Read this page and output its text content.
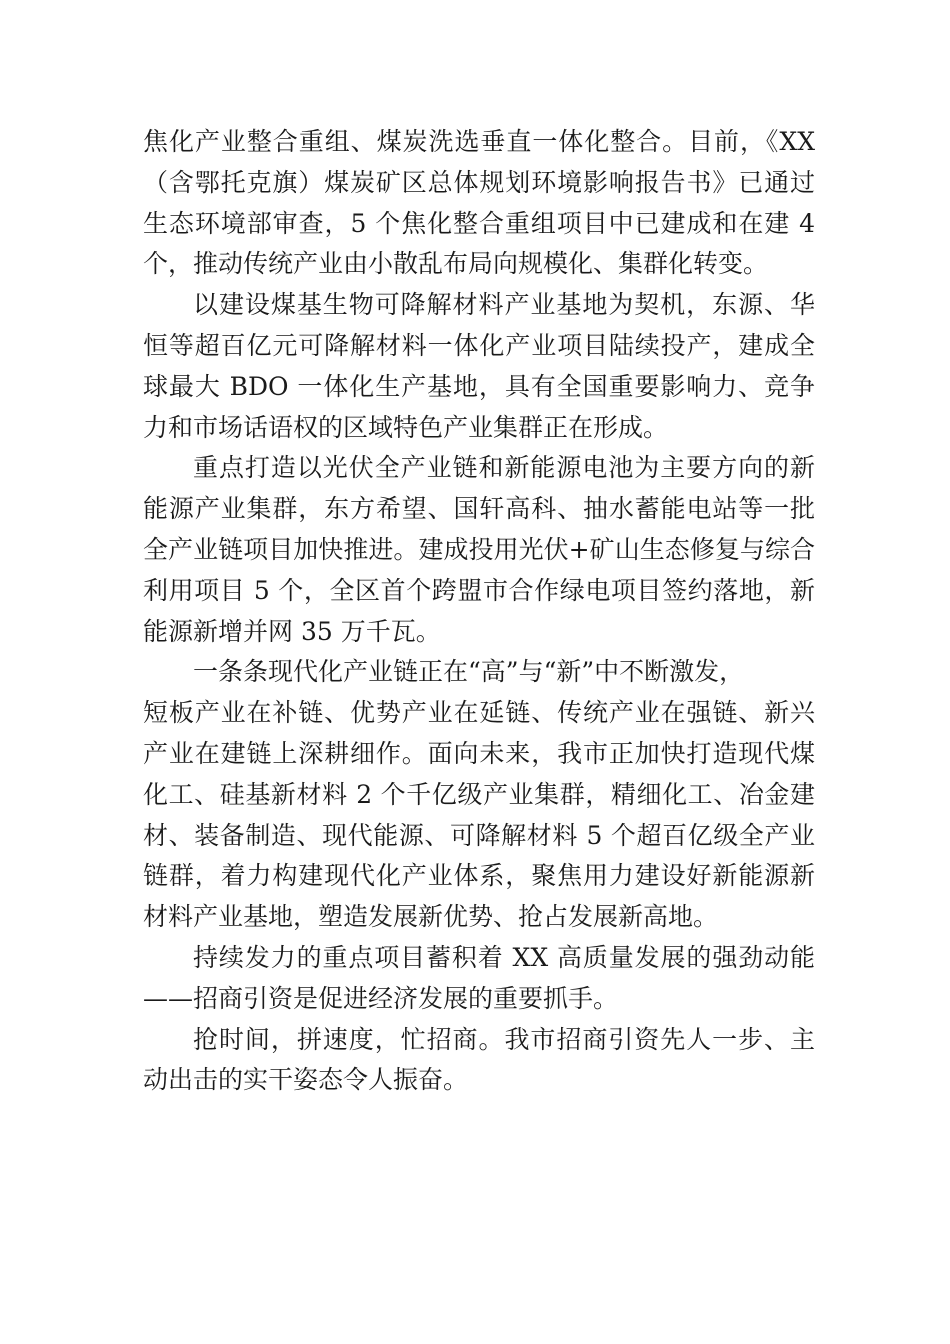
焦化产业整合重组、煤炭洗选垂直一体化整合。目前，《XX（含鄂托克旗）煤炭矿区总体规划环境影响报告书》已通过生态环境部审查，5 个焦化整合重组项目中已建成和在建 4个，推动传统产业由小散乱布局向规模化、集群化转变。

以建设煤基生物可降解材料产业基地为契机，东源、华恒等超百亿元可降解材料一体化产业项目陆续投产，建成全球最大 BDO 一体化生产基地，具有全国重要影响力、竞争力和市场话语权的区域特色产业集群正在形成。

重点打造以光伏全产业链和新能源电池为主要方向的新能源产业集群，东方希望、国轩高科、抽水蓄能电站等一批全产业链项目加快推进。建成投用光伏+矿山生态修复与综合利用项目 5 个，全区首个跨盟市合作绿电项目签约落地，新能源新增并网 35 万千瓦。

一条条现代化产业链正在“高”与“新”中不断激发，

短板产业在补链、优势产业在延链、传统产业在强链、新兴产业在建链上深耕细作。面向未来，我市正加快打造现代煤化工、硅基新材料 2 个千亿级产业集群，精细化工、冶金建材、装备制造、现代能源、可降解材料 5 个超百亿级全产业链群，着力构建现代化产业体系，聚焦用力建设好新能源新材料产业基地，塑造发展新优势、抢占发展新高地。

持续发力的重点项目蓄积着 XX 高质量发展的强劲动能——招商引资是促进经济发展的重要抓手。

抢时间，拼速度，忙招商。我市招商引资先人一步、主动出击的实干姿态令人振奋。
